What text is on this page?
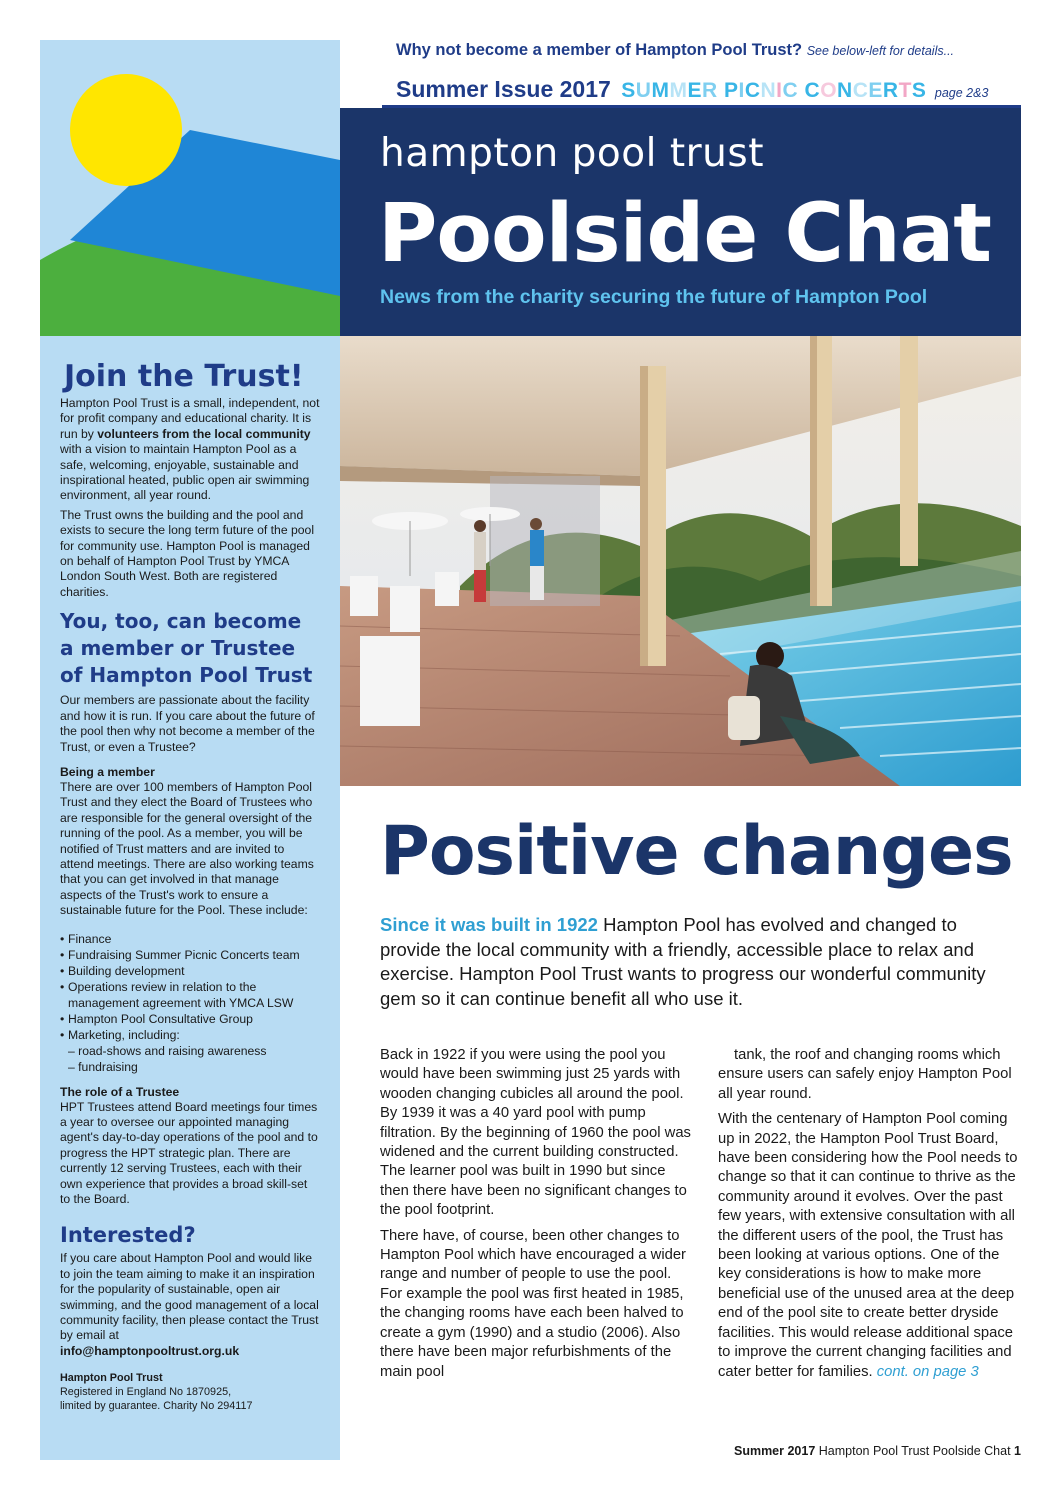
Join the Trust!

Hampton Pool Trust is a small, independent, not for profit company and educational charity. It is run by volunteers from the local community with a vision to maintain Hampton Pool as a safe, welcoming, enjoyable, sustainable and inspirational heated, public open air swimming environment, all year round.

The Trust owns the building and the pool and exists to secure the long term future of the pool for community use. Hampton Pool is managed on behalf of Hampton Pool Trust by YMCA London South West. Both are registered charities.

You, too, can become a member or Trustee of Hampton Pool Trust

Our members are passionate about the facility and how it is run. If you care about the future of the pool then why not become a member of the Trust, or even a Trustee?

Being a member

There are over 100 members of Hampton Pool Trust and they elect the Board of Trustees who are responsible for the general oversight of the running of the pool. As a member, you will be notified of Trust matters and are invited to attend meetings. There are also working teams that you can get involved in that manage aspects of the Trust's work to ensure a sustainable future for the Pool. These include:

• Finance
• Fundraising Summer Picnic Concerts team
• Building development
• Operations review in relation to the management agreement with YMCA LSW
• Hampton Pool Consultative Group
• Marketing, including:
– road-shows and raising awareness
– fundraising
The role of a Trustee

HPT Trustees attend Board meetings four times a year to oversee our appointed managing agent's day-to-day operations of the pool and to progress the HPT strategic plan. There are currently 12 serving Trustees, each with their own experience that provides a broad skill-set to the Board.

Interested?

If you care about Hampton Pool and would like to join the team aiming to make it an inspiration for the popularity of sustainable, open air swimming, and the good management of a local community facility, then please contact the Trust by email at
info@hamptonpooltrust.org.uk

Hampton Pool Trust
Registered in England No 1870925,
limited by guarantee. Charity No 294117
Why not become a member of Hampton Pool Trust? See below-left for details...
Summer Issue 2017 SUMMER PICNIC CONCERTS page 2&3
hampton pool trust
Poolside Chat
News from the charity securing the future of Hampton Pool
Positive changes

Since it was built in 1922 Hampton Pool has evolved and changed to provide the local community with a friendly, accessible place to relax and exercise. Hampton Pool Trust wants to progress our wonderful community gem so it can continue benefit all who use it.

Back in 1922 if you were using the pool you would have been swimming just 25 yards with wooden changing cubicles all around the pool. By 1939 it was a 40 yard pool with pump filtration. By the beginning of 1960 the pool was widened and the current building constructed. The learner pool was built in 1990 but since then there have been no significant changes to the pool footprint.

There have, of course, been other changes to Hampton Pool which have encouraged a wider range and number of people to use the pool. For example the pool was first heated in 1985, the changing rooms have each been halved to create a gym (1990) and a studio (2006). Also there have been major refurbishments of the main pool

tank, the roof and changing rooms which ensure users can safely enjoy Hampton Pool all year round.

With the centenary of Hampton Pool coming up in 2022, the Hampton Pool Trust Board, have been considering how the Pool needs to change so that it can continue to thrive as the community around it evolves. Over the past few years, with extensive consultation with all the different users of the pool, the Trust has been looking at various options. One of the key considerations is how to make more beneficial use of the unused area at the deep end of the pool site to create better dryside facilities. This would release additional space to improve the current changing facilities and cater better for families. cont. on page 3

Summer 2017 Hampton Pool Trust Poolside Chat 1
